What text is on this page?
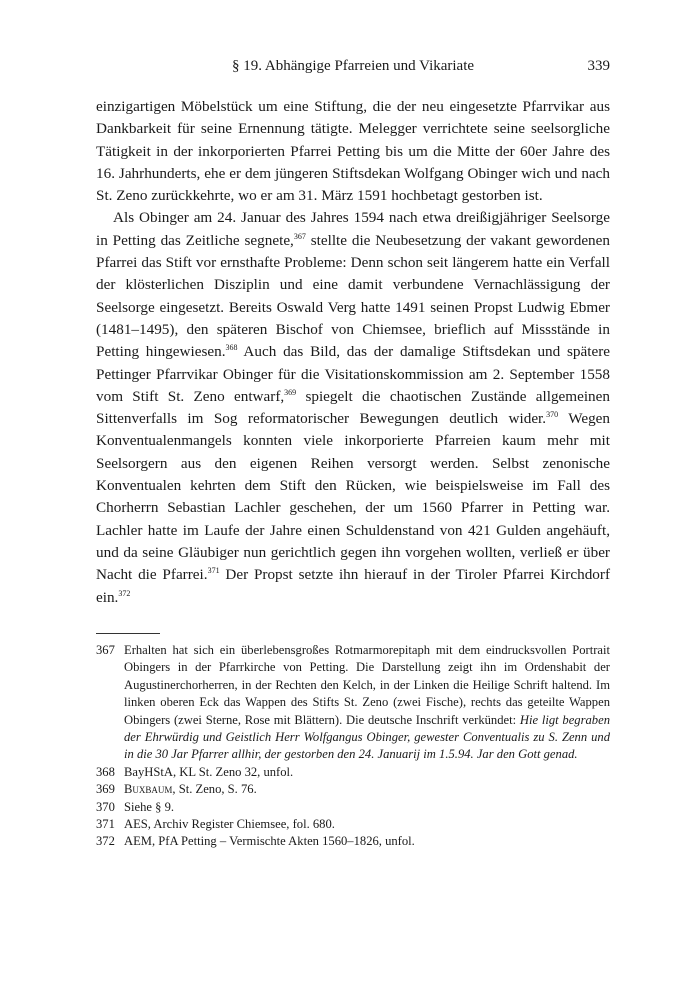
§ 19. Abhängige Pfarreien und Vikariate	339

einzigartigen Möbelstück um eine Stiftung, die der neu eingesetzte Pfarrvikar aus Dankbarkeit für seine Ernennung tätigte. Melegger verrichtete seine seelsorgliche Tätigkeit in der inkorporierten Pfarrei Petting bis um die Mitte der 60er Jahre des 16. Jahrhunderts, ehe er dem jüngeren Stiftsdekan Wolfgang Obinger wich und nach St. Zeno zurückkehrte, wo er am 31. März 1591 hochbetagt gestorben ist.

Als Obinger am 24. Januar des Jahres 1594 nach etwa dreißigjähriger Seelsorge in Petting das Zeitliche segnete,$^{367}$ stellte die Neubesetzung der vakant gewordenen Pfarrei das Stift vor ernsthafte Probleme: Denn schon seit längerem hatte ein Verfall der klösterlichen Disziplin und eine damit verbundene Vernachlässigung der Seelsorge eingesetzt. Bereits Oswald Verg hatte 1491 seinen Propst Ludwig Ebmer (1481–1495), den späteren Bischof von Chiemsee, brieflich auf Missstände in Petting hingewiesen.$^{368}$ Auch das Bild, das der damalige Stiftsdekan und spätere Pettinger Pfarrvikar Obinger für die Visitationskommission am 2. September 1558 vom Stift St. Zeno entwarf,$^{369}$ spiegelt die chaotischen Zustände allgemeinen Sittenverfalls im Sog reformatorischer Bewegungen deutlich wider.$^{370}$ Wegen Konventualenmangels konnten viele inkorporierte Pfarreien kaum mehr mit Seelsorgern aus den eigenen Reihen versorgt werden. Selbst zenonische Konventualen kehrten dem Stift den Rücken, wie beispielsweise im Fall des Chorherrn Sebastian Lachler geschehen, der um 1560 Pfarrer in Petting war. Lachler hatte im Laufe der Jahre einen Schuldenstand von 421 Gulden angehäuft, und da seine Gläubiger nun gerichtlich gegen ihn vorgehen wollten, verließ er über Nacht die Pfarrei.$^{371}$ Der Propst setzte ihn hierauf in der Tiroler Pfarrei Kirchdorf ein.$^{372}$

367 Erhalten hat sich ein überlebensgroßes Rotmarmorepitaph mit dem eindrucksvollen Portrait Obingers in der Pfarrkirche von Petting. Die Darstellung zeigt ihn im Ordenshabit der Augustinerchorherren, in der Rechten den Kelch, in der Linken die Heilige Schrift haltend. Im linken oberen Eck das Wappen des Stifts St. Zeno (zwei Fische), rechts das geteilte Wappen Obingers (zwei Sterne, Rose mit Blättern). Die deutsche Inschrift verkündet: Hie ligt begraben der Ehrwürdig und Geistlich Herr Wolfgangus Obinger, gewester Conventualis zu S. Zenn und in die 30 Jar Pfarrer allhir, der gestorben den 24. Januarij im 1.5.94. Jar den Gott genad.

368 BayHStA, KL St. Zeno 32, unfol.

369 Buxbaum, St. Zeno, S. 76.

370 Siehe § 9.

371 AES, Archiv Register Chiemsee, fol. 680.

372 AEM, PfA Petting – Vermischte Akten 1560–1826, unfol.
